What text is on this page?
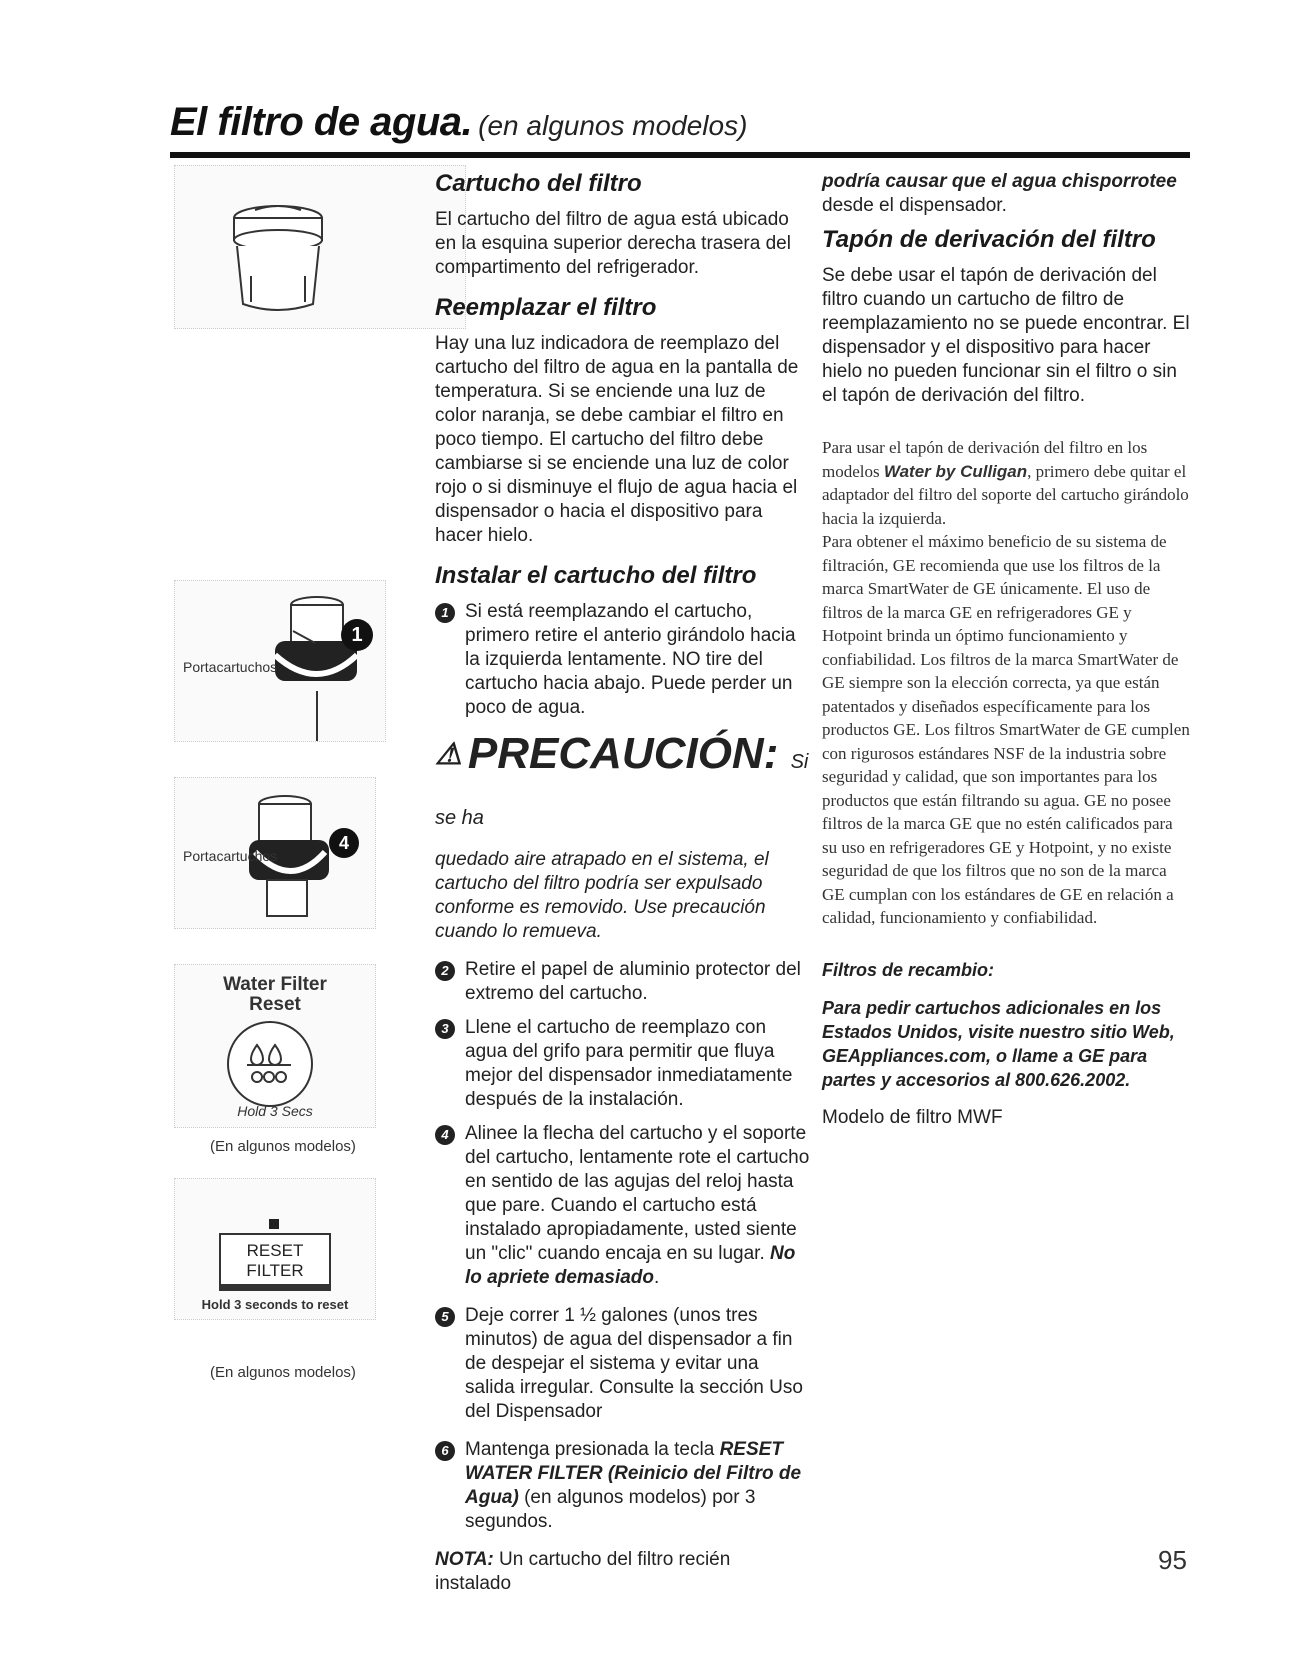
El filtro de agua. (en algunos modelos)
Portacartuchos
1
Portacartuchos
4
Water Filter
Reset
Hold 3 Secs
(En algunos modelos)
RESET
FILTER
Hold 3 seconds to reset
(En algunos modelos)
Cartucho del filtro

El cartucho del filtro de agua está ubicado en la esquina superior derecha trasera del compartimento del refrigerador.

Reemplazar el filtro

Hay una luz indicadora de reemplazo del cartucho del filtro de agua en la pantalla de temperatura. Si se enciende una luz de color naranja, se debe cambiar el filtro en poco tiempo. El cartucho del filtro debe cambiarse si se enciende una luz de color rojo o si disminuye el flujo de agua hacia el dispensador o hacia el dispositivo para hacer hielo.

Instalar el cartucho del filtro
1 Si está reemplazando el cartucho, primero retire el anterio girándolo hacia la izquierda lentamente. NO tire del cartucho hacia abajo. Puede perder un poco de agua.
⚠ PRECAUCIÓN: Si se ha

quedado aire atrapado en el sistema, el cartucho del filtro podría ser expulsado conforme es removido. Use precaución cuando lo remueva.

2 Retire el papel de aluminio protector del extremo del cartucho.
3 Llene el cartucho de reemplazo con agua del grifo para permitir que fluya mejor del dispensador inmediatamente después de la instalación.
4 Alinee la flecha del cartucho y el soporte del cartucho, lentamente rote el cartucho en sentido de las agujas del reloj hasta que pare. Cuando el cartucho está instalado apropiadamente, usted siente un "clic" cuando encaja en su lugar. No lo apriete demasiado.
5 Deje correr 1 ½ galones (unos tres minutos) de agua del dispensador a fin de despejar el sistema y evitar una salida irregular. Consulte la sección Uso del Dispensador
6 Mantenga presionada la tecla RESET WATER FILTER (Reinicio del Filtro de Agua) (en algunos modelos) por 3 segundos.

NOTA: Un cartucho del filtro recién instalado

podría causar que el agua chisporrotee
desde el dispensador.

Tapón de derivación del filtro

Se debe usar el tapón de derivación del filtro cuando un cartucho de filtro de reemplazamiento no se puede encontrar. El dispensador y el dispositivo para hacer hielo no pueden funcionar sin el filtro o sin el tapón de derivación del filtro.

Para usar el tapón de derivación del filtro en los modelos Water by Culligan, primero debe quitar el adaptador del filtro del soporte del cartucho girándolo hacia la izquierda.

Para obtener el máximo beneficio de su sistema de filtración, GE recomienda que use los filtros de la marca SmartWater de GE únicamente. El uso de filtros de la marca GE en refrigeradores GE y Hotpoint brinda un óptimo funcionamiento y confiabilidad. Los filtros de la marca SmartWater de GE siempre son la elección correcta, ya que están patentados y diseñados específicamente para los productos GE. Los filtros SmartWater de GE cumplen con rigurosos estándares NSF de la industria sobre seguridad y calidad, que son importantes para los productos que están filtrando su agua. GE no posee filtros de la marca GE que no estén calificados para su uso en refrigeradores GE y Hotpoint, y no existe seguridad de que los filtros que no son de la marca GE cumplan con los estándares de GE en relación a calidad, funcionamiento y confiabilidad.

Filtros de recambio:

Para pedir cartuchos adicionales en los Estados Unidos, visite nuestro sitio Web, GEAppliances.com, o llame a GE para partes y accesorios al 800.626.2002.

Modelo de filtro MWF

95
